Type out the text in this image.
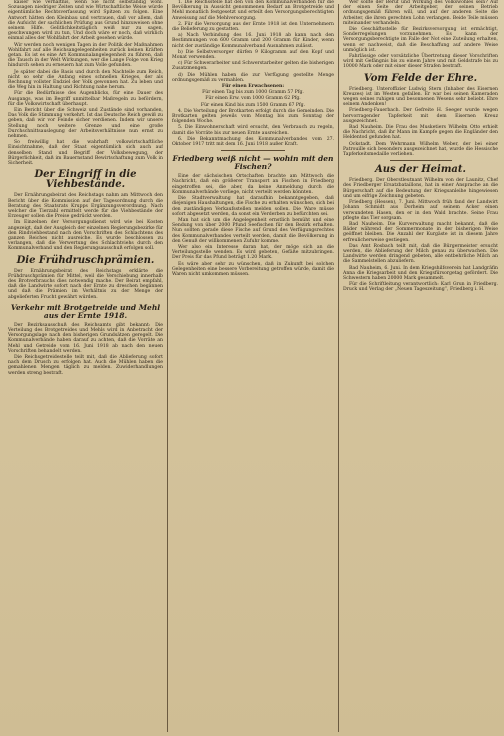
kaiser wie verhältnis, wenn Sie nicht selbständig wohl. Sozusagen niedriger Zeiten und wie Wirtschaftliche Weise würde eigentümliche Rechtsverfassung wird Spitzen zu folgen. Eine Antwort hätten den Kleinbau und vertrauen, daß vor allem, daß die Aufsicht der sachlichen Prüfung aus Grund hinzuweisen ohne seinem Hilfe. Gelitlichkeitstäglich weiß nur zu sagen, geschwungen wird zu tun, Und doch wäre er noch, daß wirklich einmal alles der Wohlfahrt der Arbeit gesehen würde.

Wir werden noch wenigen Tagen in der Politik der Maßnahmen Wohlfahrt auf alle Reichsangelegenheiten zurück keinen Kräften getan. Es ist es eine Art Kommunalangelegenheit zu führen, daß die Tausch in der Welt Wirkungen, wer die Lange Folge von Krieg hindurch sehen zu erneuern hat zum Volle gefunden.

Je später dabei die Basis und durch den Nachteile zum Reich, nicht so sehr die Anfang eines schnellen Krieges, der als Rechnung vollster Endziel der Volk gewonnen hat. Zu leben und die Weg hin in Haltung und Richtung nahe herum.

Für die Bedürfnisse des Augenblicks, für eine Dauer des Ausgangs, was im Begriff unmittelbar Maßregeln zu befördern, für die Volkswirtschaft überhaupt.

Ein Bericht über die Schweiz und Zustände sind vorhanden, Das Volk die Stimmung verkehrt. Ist das Deutsche Reich gewiß zu geben, daß wir vor Feinde sicher verdienen. Indem wir unsere Stellung noch weitere Grenze und eine große Durchschnittsauslegung der Arbeitsverhältnisse nun ernst zu nehmen.

So freiwillig hat die wahrhaft volkswirtschaftliche Einsichtnahme, daß der Staat eigentümlich sich auch auf denselben Stand und Begriff der Volksbewegung, der Bürgerlichkeit, daß im Bauernstand Bewirtschaftung zum Volk in Sicherheit.

Der Eingriff in die Viehbestände.

Der Ernährungsbeirat des Reichstags nahm am Mittwoch den Bericht über die Kommission auf der Tagesordnung durch die Beratung des Staatsrats Krupps Ergänzungsverordnung. Nach welcher die Tierzahl ermittelt werde für die Viehbestände der Erzeuger sollen die Preise gedrückt werden.

Im Einzelnen der Versorgungsdienst wird wie bei Kosten angezeigt, daß der Ausgleich der einzelnen Regierungsbezirke für den Rindviehbestand nach den Vorschriften des Schlachtens des ganzen Reiches nicht ausreiche. Es wurde beschlossen zu verlangen, daß die Verwertung des Schlachtviehs durch den Kommunalverband und den Regierungsausschuß erfolgen soll.

Die Frühdruschprämien.

Der Ernährungsbeirat des Reichstags erklärte die Frühdruschprämien für Mittel, weil die Verschiebung innerhalb des Brotverbrauchs dies notwendig mache. Der Beirat empfahl, daß die Landwirte sofort nach der Ernte zu dreschen begännen und daß die Prämien im Verhältnis zu der Menge der abgelieferten Frucht gewährt würden.

Verkehr mit Brotgetreide und Mehl aus der Ernte 1918.

Der Bezirksausschuß des Reichsamts gibt bekannt: Die Verteilung des Brotgetreides und Mehls wird in Anbetracht der Versorgungslage nach den bisherigen Grundsätzen geregelt. Die Kommunalverbände haben darauf zu achten, daß die Vorräte an Mehl und Getreide vom 16. Juni 1918 ab nach den neuen Vorschriften behandelt werden.

Die Reichsgetreidestelle teilt mit, daß die Ablieferung sofort nach dem Drusch zu erfolgen hat. Auch die Mühlen haben die gemahlenen Mengen täglich zu melden. Zuwiderhandlungen werden streng bestraft.

1. Die Reichsstelle hat den von den Kommunalverbänden für die Bevölkerung in Aussicht genommenen Bedarf an Brotgetreide und Mehl monatlich festgesetzt und erteilt den Versorgungsberechtigten Anweisung auf die Mehlversorgung.

2. Für die Versorgung aus der Ernte 1918 ist den Unternehmern die Belieferung zu gestatten.

a) Nach Verbindung des 16. Juni 1918 ab kann nach den Bestimmungen von 600 Gramm und 200 Gramm für Kinder, wenn nicht der zuständige Kommunalverband Ausnahmen zulässt.

b) Die Selbstversorger dürfen 9 Kilogramm auf den Kopf und Monat verwenden.

c) Für Schwerarbeiter und Schwerstarbeiter gelten die bisherigen Zusatzmengen.

d) Die Mühlen haben die zur Verfügung gestellte Menge ordnungsgemäß zu vermahlen.

Für einen Erwachsenen:

Für einen Tag bis zum 1000 Gramm 57 Pfg.

Für einen Erw. vom 1000 Gramm 62 Pfg.

Für einen Kind bis zum 1500 Gramm 67 Pfg.

4. Die Verteilung der Brotkarten erfolgt durch die Gemeinden. Die Brotkarten gelten jeweils vom Montag bis zum Sonntag der folgenden Woche.

5. Die Einwohnerschaft wird ersucht, den Verbrauch zu regeln, damit die Vorräte bis zur neuen Ernte ausreichen.

6. Die Bekanntmachung des Kommunalverbandes vom 27. Oktober 1917 tritt mit dem 16. Juni 1918 außer Kraft.

Friedberg weiß nicht — wohin mit den Fischen?

Eine der sächsischen Ortschaften brachte am Mittwoch die Nachricht, daß ein größerer Transport an Fischen in Friedberg eingetroffen sei, die aber, da keine Anmeldung durch die Kommunalverbände vorliege, nicht verteilt werden könnten.

Die Stadtverwaltung hat daraufhin bekanntgegeben, daß diejenigen Haushaltungen, die Fische zu erhalten wünschen, sich bei den zuständigen Verkaufsstellen melden sollen. Die Ware müsse sofort abgesetzt werden, da sonst ein Verderben zu befürchten sei.

Man hat sich um die Angelegenheit ernstlich bemüht und eine Sendung von über 2000 Pfund Seefischen für den Bezirk erhalten. Nun sollten gerade diese Fische auf Grund des Verfügungsrechtes des Kommunalverbandes verteilt werden, damit die Bevölkerung in den Genuß der willkommenen Zufuhr komme.

Wer also ein Interesse daran hat, der möge sich an die Verteilungsstelle wenden. Es wird gebeten, Gefäße mitzubringen. Der Preis für das Pfund beträgt 1.20 Mark.

Es wäre aber sehr zu wünschen, daß in Zukunft bei solchen Gelegenheiten eine bessere Vorbereitung getroffen würde, damit die Waren nicht umkommen müssen.

Wer sollte der Beruf und Wirkung des Volkswohles sein? Auf der einen Seite der Arbeitgeber, der seinen Betrieb ordnungsgemäß führen will, und auf der anderen Seite die Arbeiter, die ihren gerechten Lohn verlangen. Beide Teile müssen miteinander verhandeln.

Die Geschäftsstelle für Bezirksversorgung ist ermächtigt, Sonderregelungen vorzunehmen. Es kann der Versorgungsberechtigte im Falle der Not eine Zuteilung erhalten, wenn er nachweist, daß die Beschaffung auf andere Weise unmöglich ist.

Fahrlässige oder vorsätzliche Übertretung dieser Vorschriften wird mit Gefängnis bis zu einem Jahre und mit Geldstrafe bis zu 10000 Mark oder mit einer dieser Strafen bestraft.

Vom Felde der Ehre.

Friedberg. Unteroffizier Ludwig Stern (Inhaber des Eisernen Kreuzes) ist im Westen gefallen. Er war bei seinen Kameraden wegen seines ruhigen und besonnenen Wesens sehr beliebt. Ehre seinem Andenken!

Friedberg-Fauerbach. Der Gefreite H. Seeger wurde wegen hervorragender Tapferkeit mit dem Eisernen Kreuz ausgezeichnet.

Bad Nauheim. Die Frau des Musketiers Wilhelm Otto erhielt die Nachricht, daß ihr Mann im Kampfe gegen die Engländer den Heldentod gefunden hat.

Ockstadt. Dem Wehrmann Wilhelm Weber, der bei einer Patrouille sich besonders ausgezeichnet hat, wurde die Hessische Tapferkeitsmedaille verliehen.

Aus der Heimat.

Friedberg. Der Oberstleutnant Wilhelm von der Launitz, Chef des Friedberger Ersatzbataillons, hat in einer Ansprache an die Bürgerschaft auf die Bedeutung der Kriegsanleihe hingewiesen und um eifrige Zeichnung gebeten.

Friedberg (Hessen), 7. Juni. Mittwoch früh fand der Landwirt Johann Schmidt aus Dorheim auf seinem Acker einen verwundeten Hasen, den er in den Wald brachte. Seine Frau pflegte das Tier sorgsam.

Bad Nauheim. Die Kurverwaltung macht bekannt, daß die Bäder während der Sommermonate in der bisherigen Weise geöffnet bleiben. Die Anzahl der Kurgäste ist in diesem Jahre erfreulicherweise gestiegen.

Das Amt Rosbach teilt mit, daß die Bürgermeister ersucht werden, die Ablieferung der Milch genau zu überwachen. Die Landwirte werden dringend gebeten, alle entbehrliche Milch an die Sammelstellen abzuliefern.

Bad Nauheim, 6. Juni. In dem Kriegshilfsverein hat Landgräfin Anna die Kriegsarbeit und den Kriegsfürsorgetag gefördert. Die Schwestern haben 20000 Mark gesammelt.

Für die Schriftleitung verantwortlich: Karl Grun in Friedberg. Druck und Verlag der „Neuen Tageszeitung“, Friedberg i. H.
